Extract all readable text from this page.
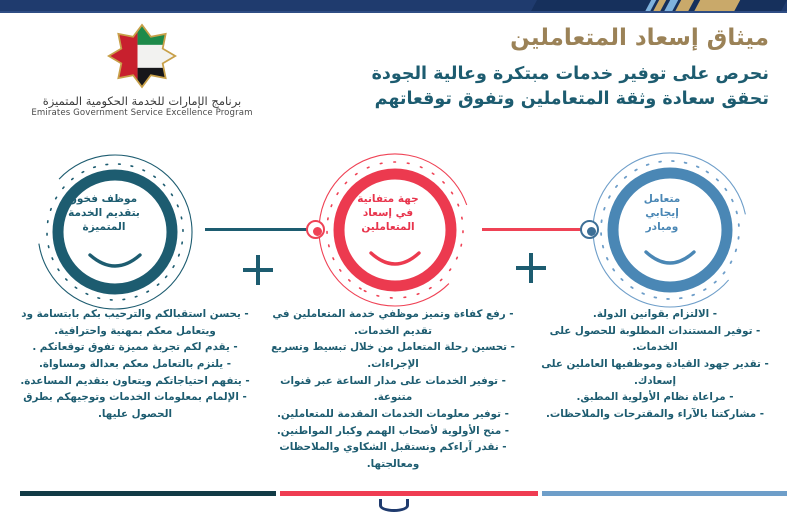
برنامج الإمارات للخدمة الحكومية المتميزة
Emirates Government Service Excellence Program
ميثاق إسعاد المتعاملين
نحرص على توفير خدمات مبتكرة وعالية الجودة
تحقق سعادة وثقة المتعاملين وتفوق توقعاتهم
موظف فخور
بتقديم الخدمة
المتميزة
جهة متفانية
في إسعاد
المتعاملين
متعامل
إيجابي
ومبادر

- يحسن استقبالكم والترحيب بكم بابتسامة ود ويتعامل معكم بمهنية واحترافية.

- يقدم لكم تجربة مميزة تفوق توقعاتكم .

- يلتزم بالتعامل معكم بعدالة ومساواة.

- يتفهم احتياجاتكم ويتعاون بتقديم المساعدة.

- الإلمام بمعلومات الخدمات وتوجيهكم بطرق الحصول عليها.

- رفع كفاءة وتميز موظفي خدمة المتعاملين في تقديم الخدمات.

- تحسين رحلة المتعامل من خلال تبسيط وتسريع الإجراءات.

- توفير الخدمات على مدار الساعة عبر قنوات متنوعة.

- توفير معلومات الخدمات المقدمة للمتعاملين.

- منح الأولوية لأصحاب الهمم وكبار المواطنين.

- نقدر آراءكم ونستقبل الشكاوي والملاحظات ومعالجتها.

- الالتزام بقوانين الدولة.

- توفير المستندات المطلوبة للحصول على الخدمات.

- تقدير جهود القيادة وموظفيها العاملين على إسعادك.

- مراعاة نظام الأولوية المطبق.

- مشاركتنا بالآراء والمقترحات والملاحظات.
